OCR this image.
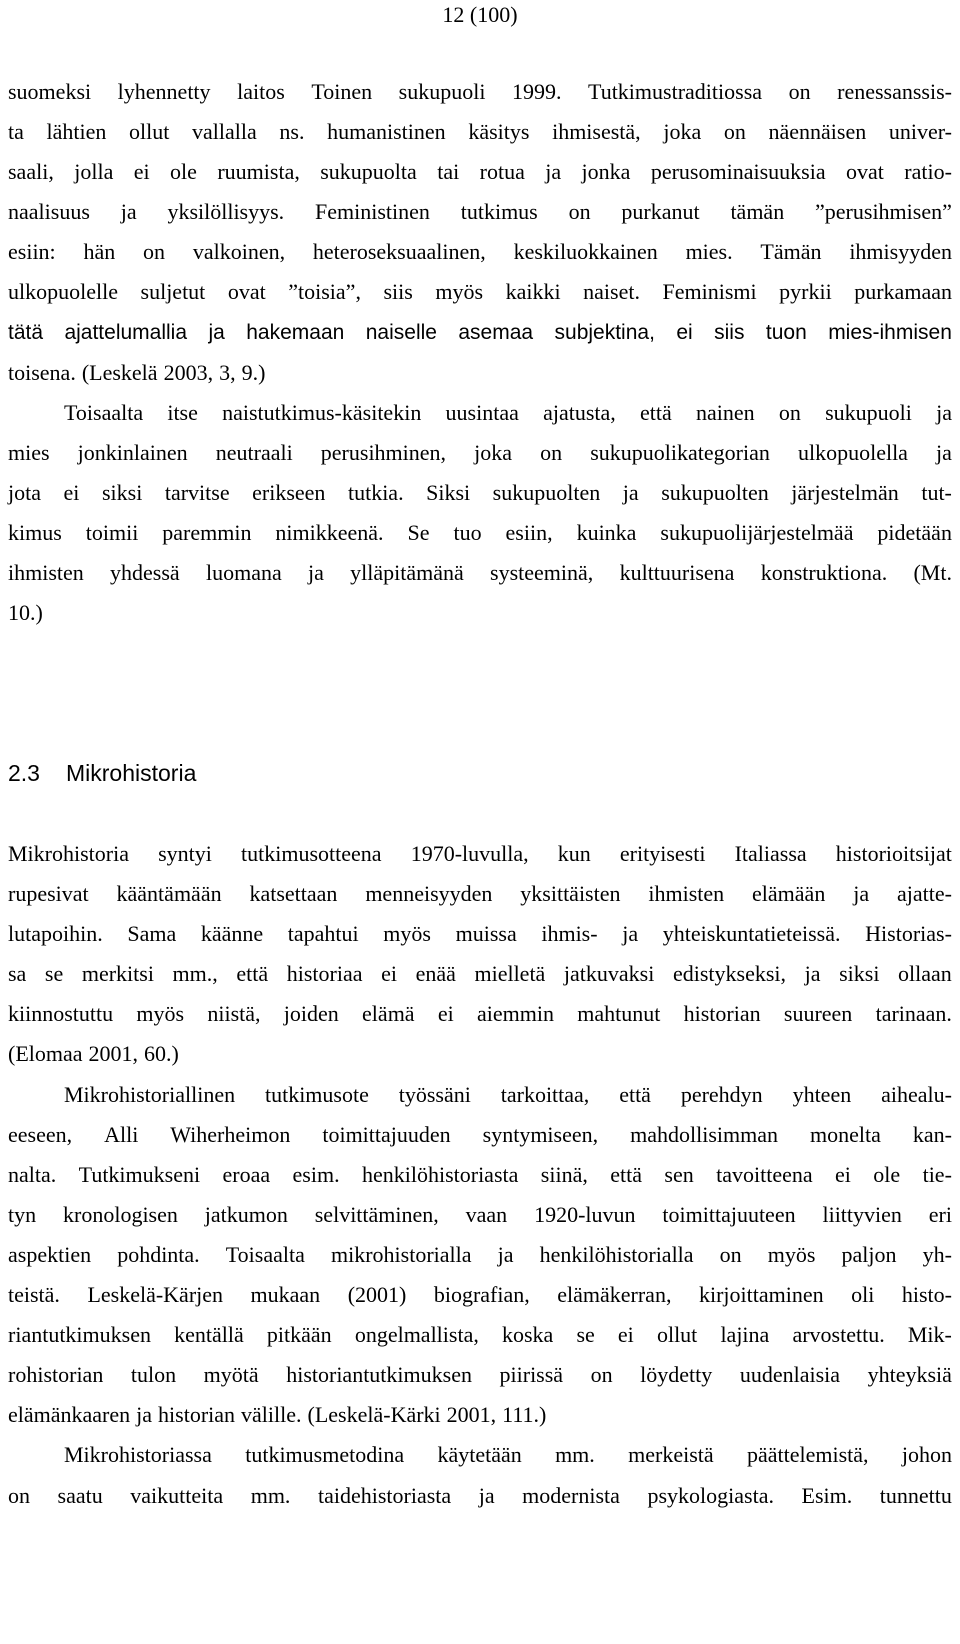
12 (100)
suomeksi lyhennetty laitos Toinen sukupuoli 1999. Tutkimustraditiossa on renessanssis-
ta lähtien ollut vallalla ns. humanistinen käsitys ihmisestä, joka on näennäisen univer-
saali, jolla ei ole ruumista, sukupuolta tai rotua ja jonka perusominaisuuksia ovat ratio-
naalisuus ja yksilöllisyys. Feministinen tutkimus on purkanut tämän ”perusihmisen”
esiin: hän on valkoinen, heteroseksuaalinen, keskiluokkainen mies. Tämän ihmisyyden
ulkopuolelle suljetut ovat ”toisia”, siis myös kaikki naiset. Feminismi pyrkii purkamaan
tätä ajattelumallia ja hakemaan naiselle asemaa subjektina, ei siis tuon mies-ihmisen
toisena. (Leskelä 2003, 3, 9.)
Toisaalta itse naistutkimus-käsitekin uusintaa ajatusta, että nainen on sukupuoli ja
mies jonkinlainen neutraali perusihminen, joka on sukupuolikategorian ulkopuolella ja
jota ei siksi tarvitse erikseen tutkia. Siksi sukupuolten ja sukupuolten järjestelmän tut-
kimus toimii paremmin nimikkeenä. Se tuo esiin, kuinka sukupuolijärjestelmää pidetään
ihmisten yhdessä luomana ja ylläpitämänä systeeminä, kulttuurisena konstruktiona. (Mt.
10.)
2.3 Mikrohistoria
Mikrohistoria syntyi tutkimusotteena 1970-luvulla, kun erityisesti Italiassa historioitsijat
rupesivat kääntämään katsettaan menneisyyden yksittäisten ihmisten elämään ja ajatte-
lutapoihin. Sama käänne tapahtui myös muissa ihmis- ja yhteiskuntatieteissä. Historias-
sa se merkitsi mm., että historiaa ei enää mielletä jatkuvaksi edistykseksi, ja siksi ollaan
kiinnostuttu myös niistä, joiden elämä ei aiemmin mahtunut historian suureen tarinaan.
(Elomaa 2001, 60.)
Mikrohistoriallinen tutkimusote työssäni tarkoittaa, että perehdyn yhteen aihealu-
eeseen, Alli Wiherheimon toimittajuuden syntymiseen, mahdollisimman monelta kan-
nalta. Tutkimukseni eroaa esim. henkilöhistoriasta siinä, että sen tavoitteena ei ole tie-
tyn kronologisen jatkumon selvittäminen, vaan 1920-luvun toimittajuuteen liittyvien eri
aspektien pohdinta. Toisaalta mikrohistorialla ja henkilöhistorialla on myös paljon yh-
teistä. Leskelä-Kärjen mukaan (2001) biografian, elämäkerran, kirjoittaminen oli histo-
riantutkimuksen kentällä pitkään ongelmallista, koska se ei ollut lajina arvostettu. Mik-
rohistorian tulon myötä historiantutkimuksen piirissä on löydetty uudenlaisia yhteyksiä
elämänkaaren ja historian välille. (Leskelä-Kärki 2001, 111.)
Mikrohistoriassa tutkimusmetodina käytetään mm. merkeistä päättelemistä, johon
on saatu vaikutteita mm. taidehistoriasta ja modernista psykologiasta. Esim. tunnettu
